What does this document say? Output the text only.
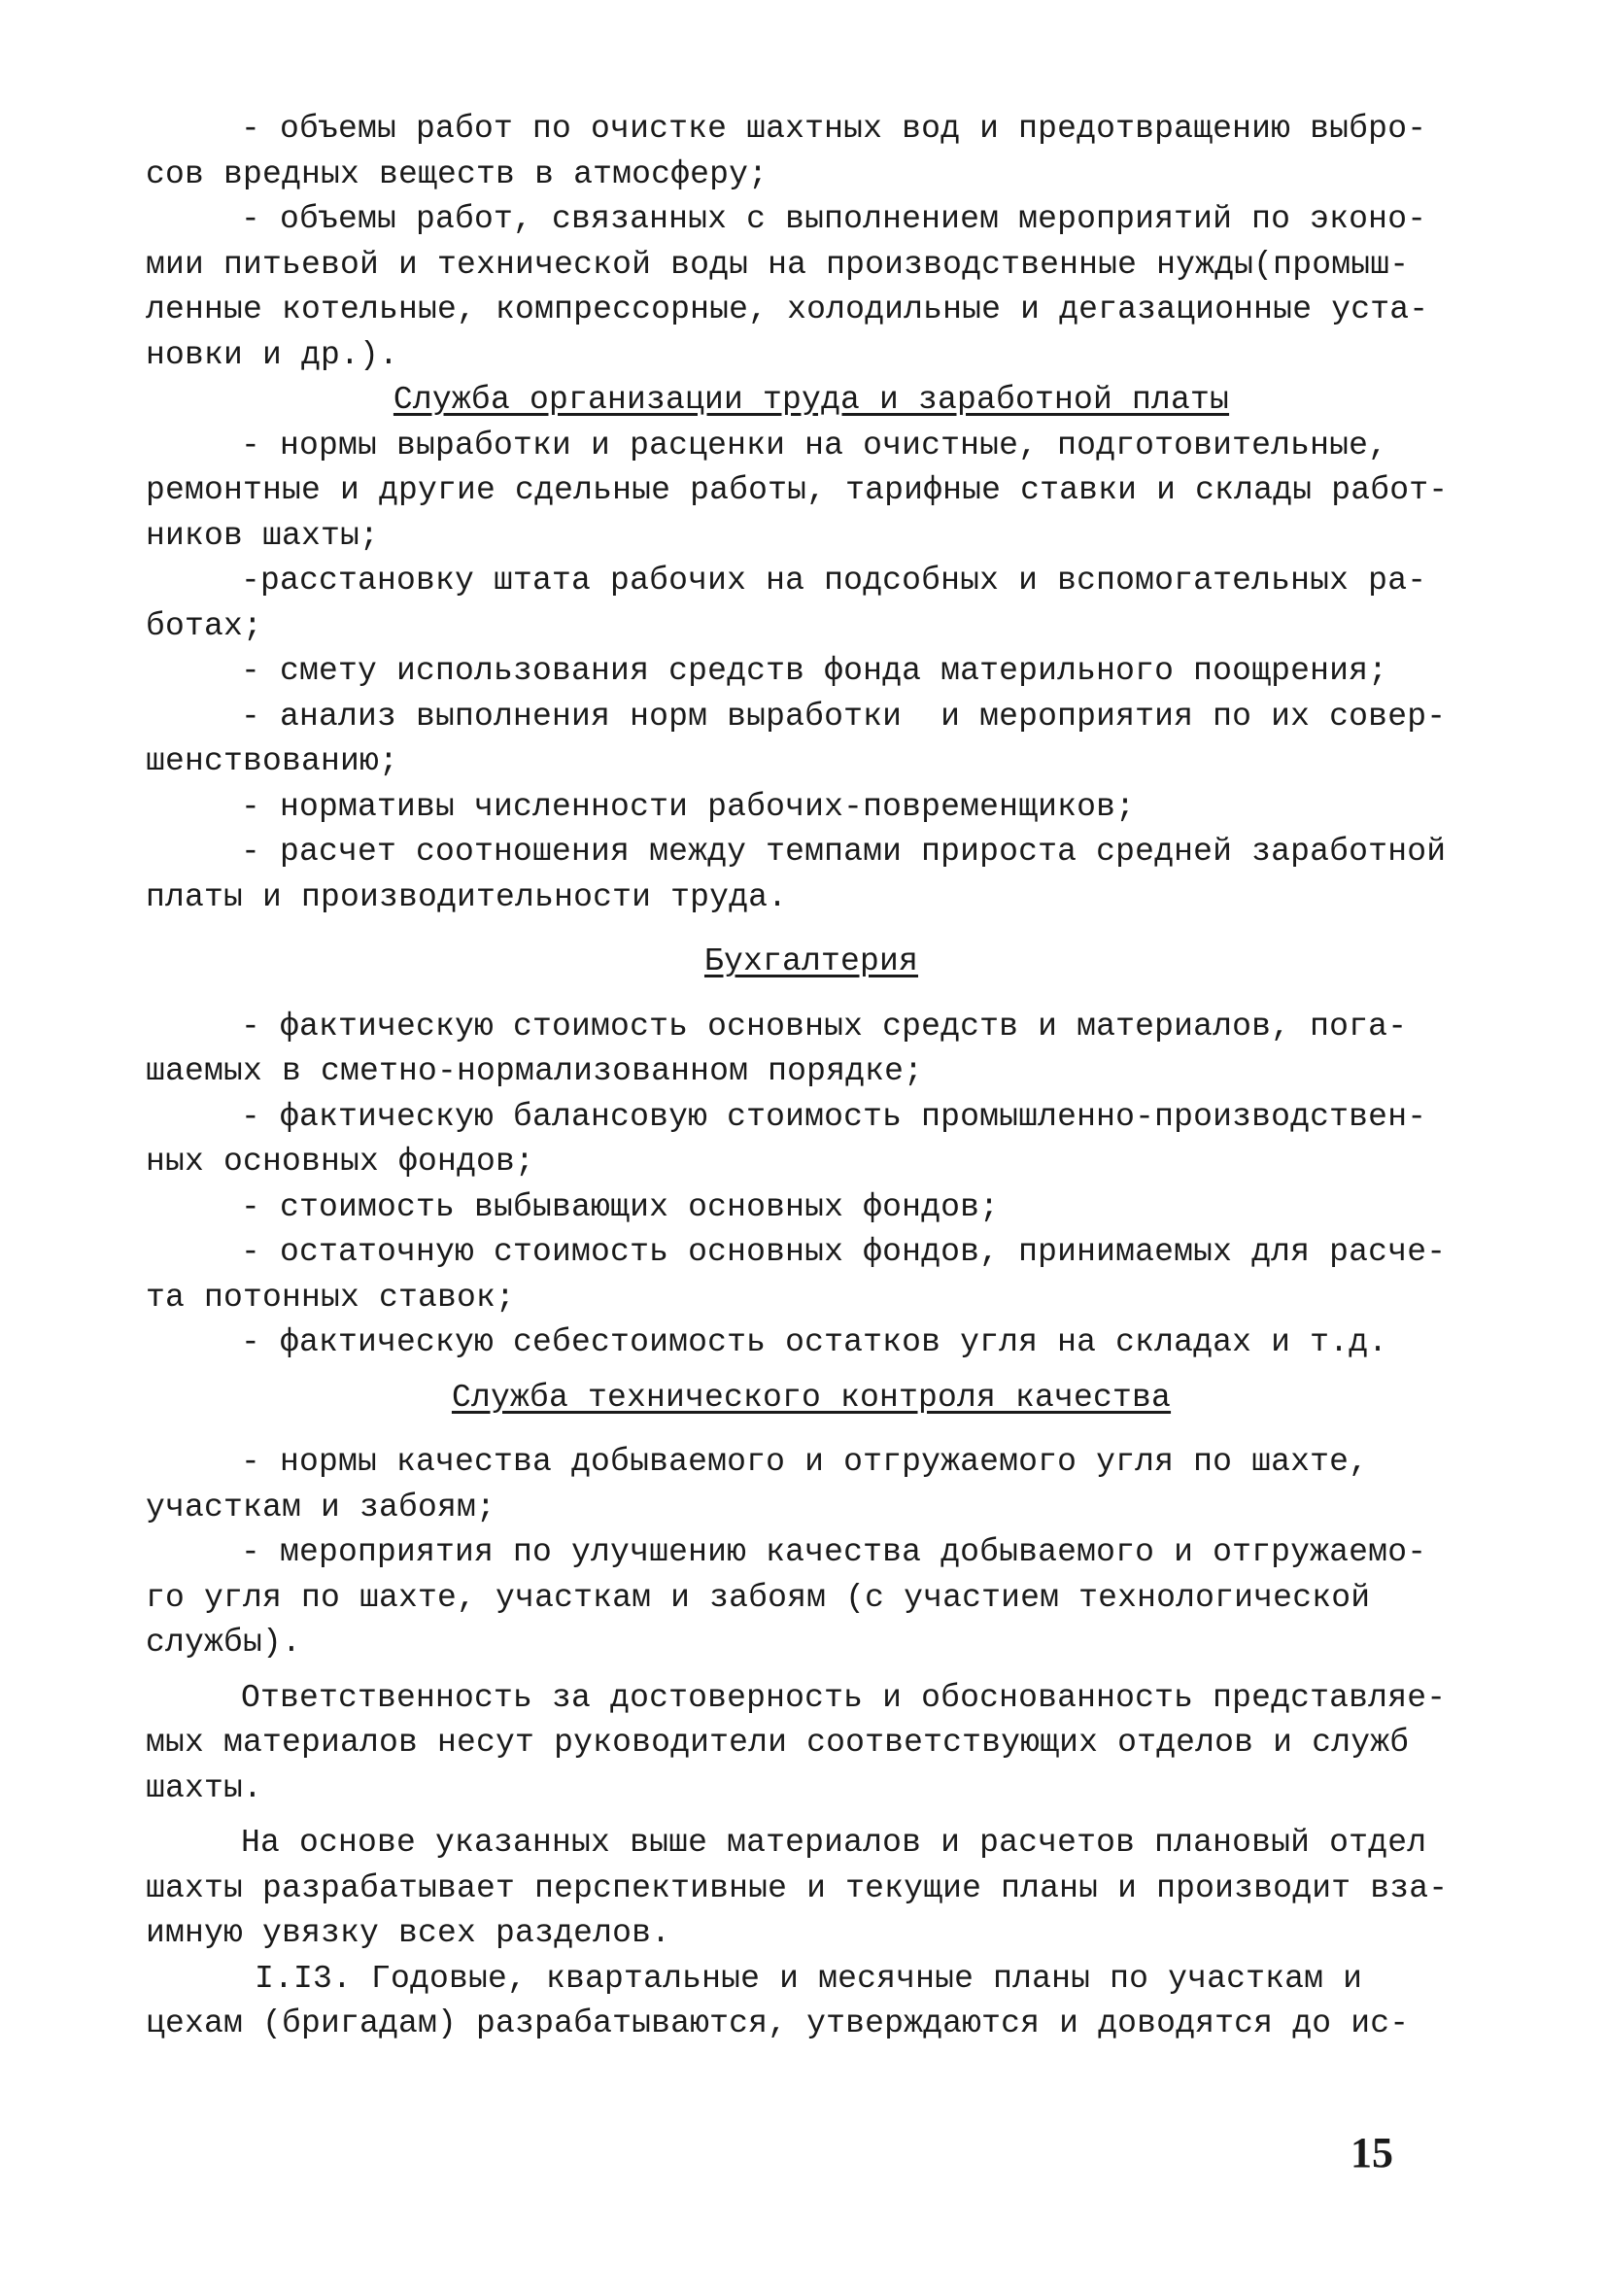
- объемы работ по очистке шахтных вод и предотвращению выбро-
сов вредных веществ в атмосферу;
- объемы работ, связанных с выполнением мероприятий по эконо-
мии питьевой и технической воды на производственные нужды(промыш-
ленные котельные, компрессорные, холодильные и дегазационные уста-
новки и др.).
Служба организации труда и заработной платы
- нормы выработки и расценки на очистные, подготовительные,
ремонтные и другие сдельные работы, тарифные ставки и склады работ-
ников шахты;
-расстановку штата рабочих на подсобных и вспомогательных ра-
ботах;
- смету использования средств фонда материльного поощрения;
- анализ выполнения норм выработки  и мероприятия по их совер-
шенствованию;
- нормативы численности рабочих-повременщиков;
- расчет соотношения между темпами прироста средней заработной
платы и производительности труда.
Бухгалтерия
- фактическую стоимость основных средств и материалов, пога-
шаемых в сметно-нормализованном порядке;
- фактическую балансовую стоимость промышленно-производствен-
ных основных фондов;
- стоимость выбывающих основных фондов;
- остаточную стоимость основных фондов, принимаемых для расче-
та потонных ставок;
- фактическую себестоимость остатков угля на складах и т.д.
Служба технического контроля качества
- нормы качества добываемого и отгружаемого угля по шахте,
участкам и забоям;
- мероприятия по улучшению качества добываемого и отгружаемо-
го угля по шахте, участкам и забоям (с участием технологической
службы).
Ответственность за достоверность и обоснованность представляе-
мых материалов несут руководители соответствующих отделов и служб
шахты.
На основе указанных выше материалов и расчетов плановый отдел
шахты разрабатывает перспективные и текущие планы и производит вза-
имную увязку всех разделов.
I.I3. Годовые, квартальные и месячные планы по участкам и
цехам (бригадам) разрабатываются, утверждаются и доводятся до ис-
15
